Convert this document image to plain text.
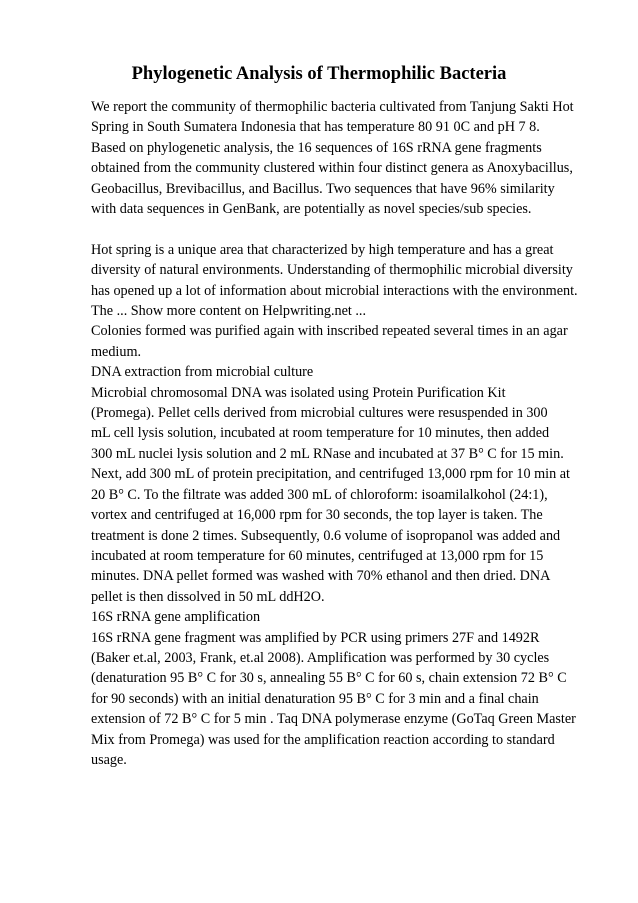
Phylogenetic Analysis of Thermophilic Bacteria
We report the community of thermophilic bacteria cultivated from Tanjung Sakti Hot
Spring in South Sumatera Indonesia that has temperature 80 91 0C and pH 7 8.
Based on phylogenetic analysis, the 16 sequences of 16S rRNA gene fragments
obtained from the community clustered within four distinct genera as Anoxybacillus,
Geobacillus, Brevibacillus, and Bacillus. Two sequences that have 96% similarity
with data sequences in GenBank, are potentially as novel species/sub species.
Hot spring is a unique area that characterized by high temperature and has a great
diversity of natural environments. Understanding of thermophilic microbial diversity
has opened up a lot of information about microbial interactions with the environment.
The ... Show more content on Helpwriting.net ...
Colonies formed was purified again with inscribed repeated several times in an agar
medium.
DNA extraction from microbial culture
Microbial chromosomal DNA was isolated using Protein Purification Kit
(Promega). Pellet cells derived from microbial cultures were resuspended in 300
mL cell lysis solution, incubated at room temperature for 10 minutes, then added
300 mL nuclei lysis solution and 2 mL RNase and incubated at 37 B° C for 15 min.
Next, add 300 mL of protein precipitation, and centrifuged 13,000 rpm for 10 min at
20 B° C. To the filtrate was added 300 mL of chloroform: isoamilalkohol (24:1),
vortex and centrifuged at 16,000 rpm for 30 seconds, the top layer is taken. The
treatment is done 2 times. Subsequently, 0.6 volume of isopropanol was added and
incubated at room temperature for 60 minutes, centrifuged at 13,000 rpm for 15
minutes. DNA pellet formed was washed with 70% ethanol and then dried. DNA
pellet is then dissolved in 50 mL ddH2O.
16S rRNA gene amplification
16S rRNA gene fragment was amplified by PCR using primers 27F and 1492R
(Baker et.al, 2003, Frank, et.al 2008). Amplification was performed by 30 cycles
(denaturation 95 B° C for 30 s, annealing 55 B° C for 60 s, chain extension 72 B° C
for 90 seconds) with an initial denaturation 95 B° C for 3 min and a final chain
extension of 72 B° C for 5 min . Taq DNA polymerase enzyme (GoTaq Green Master
Mix from Promega) was used for the amplification reaction according to standard
usage.
